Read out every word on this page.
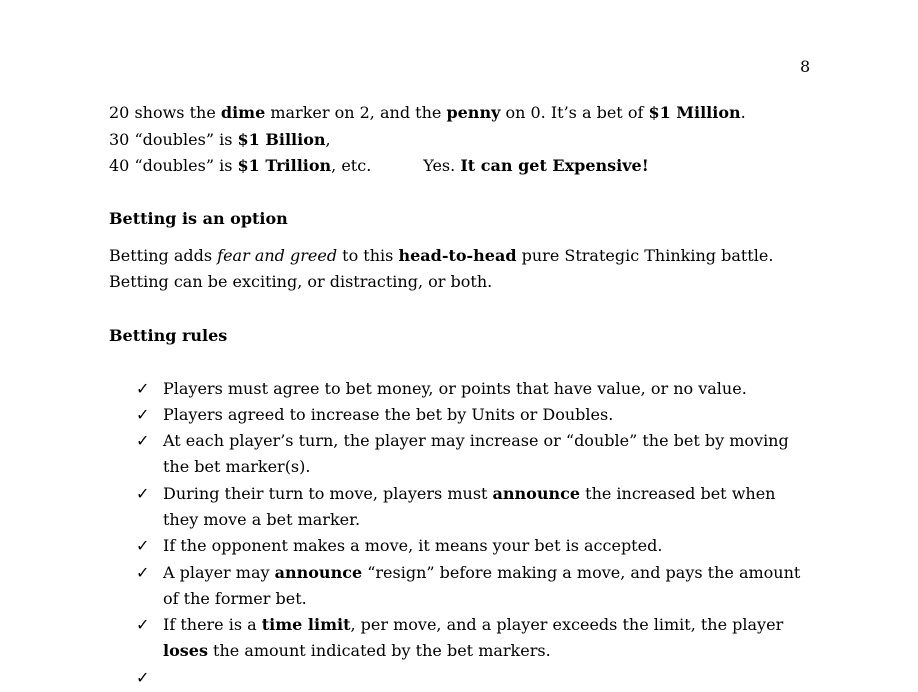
8
20 shows the dime marker on 2, and the penny on 0. It’s a bet of $1 Million.
30 “doubles” is $1 Billion,
40 “doubles” is $1 Trillion, etc.	Yes. It can get Expensive!
Betting is an option
Betting adds fear and greed to this head-to-head pure Strategic Thinking battle.
Betting can be exciting, or distracting, or both.
Betting rules
✓ Players must agree to bet money, or points that have value, or no value.
✓ Players agreed to increase the bet by Units or Doubles.
✓ At each player’s turn, the player may increase or “double” the bet by moving
the bet marker(s).
✓ During their turn to move, players must announce the increased bet when
they move a bet marker.
✓ If the opponent makes a move, it means your bet is accepted.
✓ A player may announce “resign” before making a move, and pays the amount
of the former bet.
✓ If there is a time limit, per move, and a player exceeds the limit, the player
loses the amount indicated by the bet markers.
✓
